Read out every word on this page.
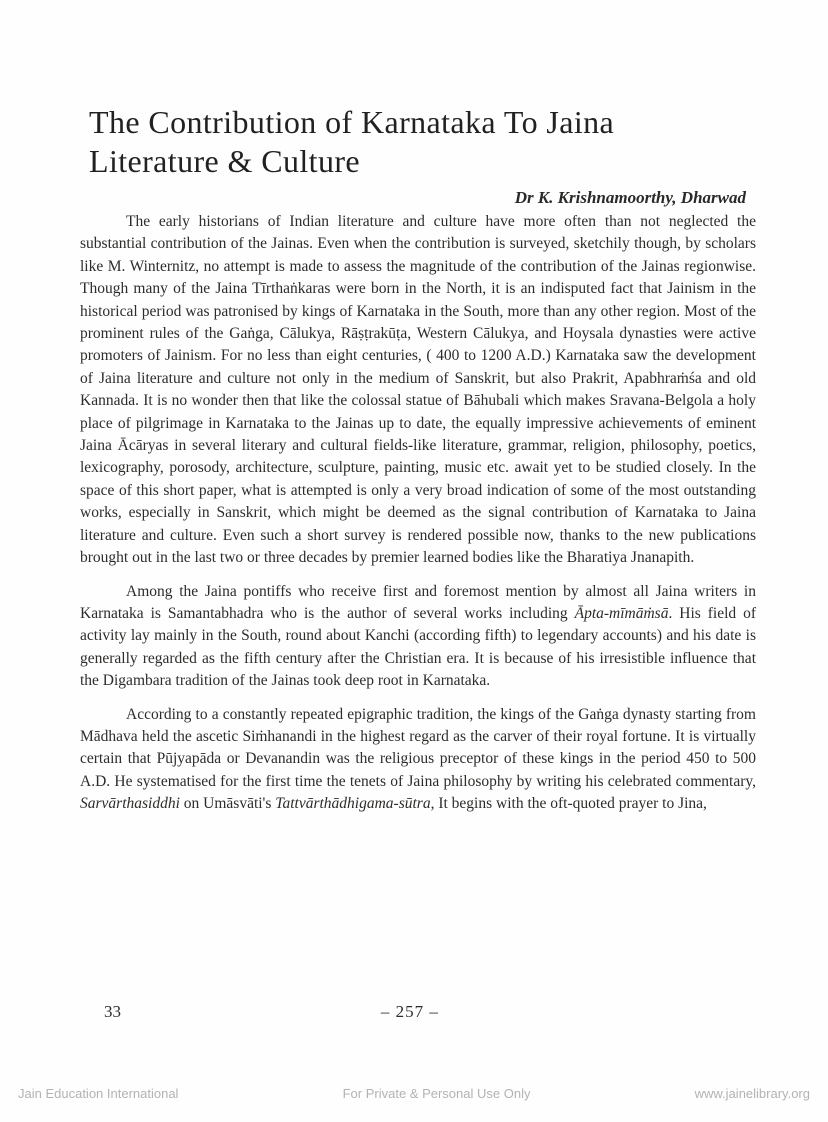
The Contribution of Karnataka To Jaina
Literature & Culture
Dr K. Krishnamoorthy, Dharwad

The early historians of Indian literature and culture have more often than not neglected the substantial contribution of the Jainas. Even when the contribution is surveyed, sketchily though, by scholars like M. Winternitz, no attempt is made to assess the magnitude of the contribution of the Jainas regionwise. Though many of the Jaina Tīrthaṅkaras were born in the North, it is an indisputed fact that Jainism in the historical period was patronised by kings of Karnataka in the South, more than any other region. Most of the prominent rules of the Gaṅga, Cālukya, Rāṣṭrakūṭa, Western Cālukya, and Hoysala dynasties were active promoters of Jainism. For no less than eight centuries, ( 400 to 1200 A.D.) Karnataka saw the development of Jaina literature and culture not only in the medium of Sanskrit, but also Prakrit, Apabhraṁśa and old Kannada. It is no wonder then that like the colossal statue of Bāhubali which makes Sravana-Belgola a holy place of pilgrimage in Karnataka to the Jainas up to date, the equally impressive achievements of eminent Jaina Ācāryas in several literary and cultural fields-like literature, grammar, religion, philosophy, poetics, lexicography, porosody, architecture, sculpture, painting, music etc. await yet to be studied closely. In the space of this short paper, what is attempted is only a very broad indication of some of the most outstanding works, especially in Sanskrit, which might be deemed as the signal contribution of Karnataka to Jaina literature and culture. Even such a short survey is rendered possible now, thanks to the new publications brought out in the last two or three decades by premier learned bodies like the Bharatiya Jnanapith.

Among the Jaina pontiffs who receive first and foremost mention by almost all Jaina writers in Karnataka is Samantabhadra who is the author of several works including Āpta-mīmāṁsā. His field of activity lay mainly in the South, round about Kanchi (according fifth) to legendary accounts) and his date is generally regarded as the fifth century after the Christian era. It is because of his irresistible influence that the Digambara tradition of the Jainas took deep root in Karnataka.

According to a constantly repeated epigraphic tradition, the kings of the Gaṅga dynasty starting from Mādhava held the ascetic Siṁhanandi in the highest regard as the carver of their royal fortune. It is virtually certain that Pūjyapāda or Devanandin was the religious preceptor of these kings in the period 450 to 500 A.D. He systematised for the first time the tenets of Jaina philosophy by writing his celebrated commentary, Sarvārthasiddhi on Umāsvāti's Tattvārthādhigama-sūtra, It begins with the oft-quoted prayer to Jina,

33	– 257 –
Jain Education International	For Private & Personal Use Only	www.jainelibrary.org
